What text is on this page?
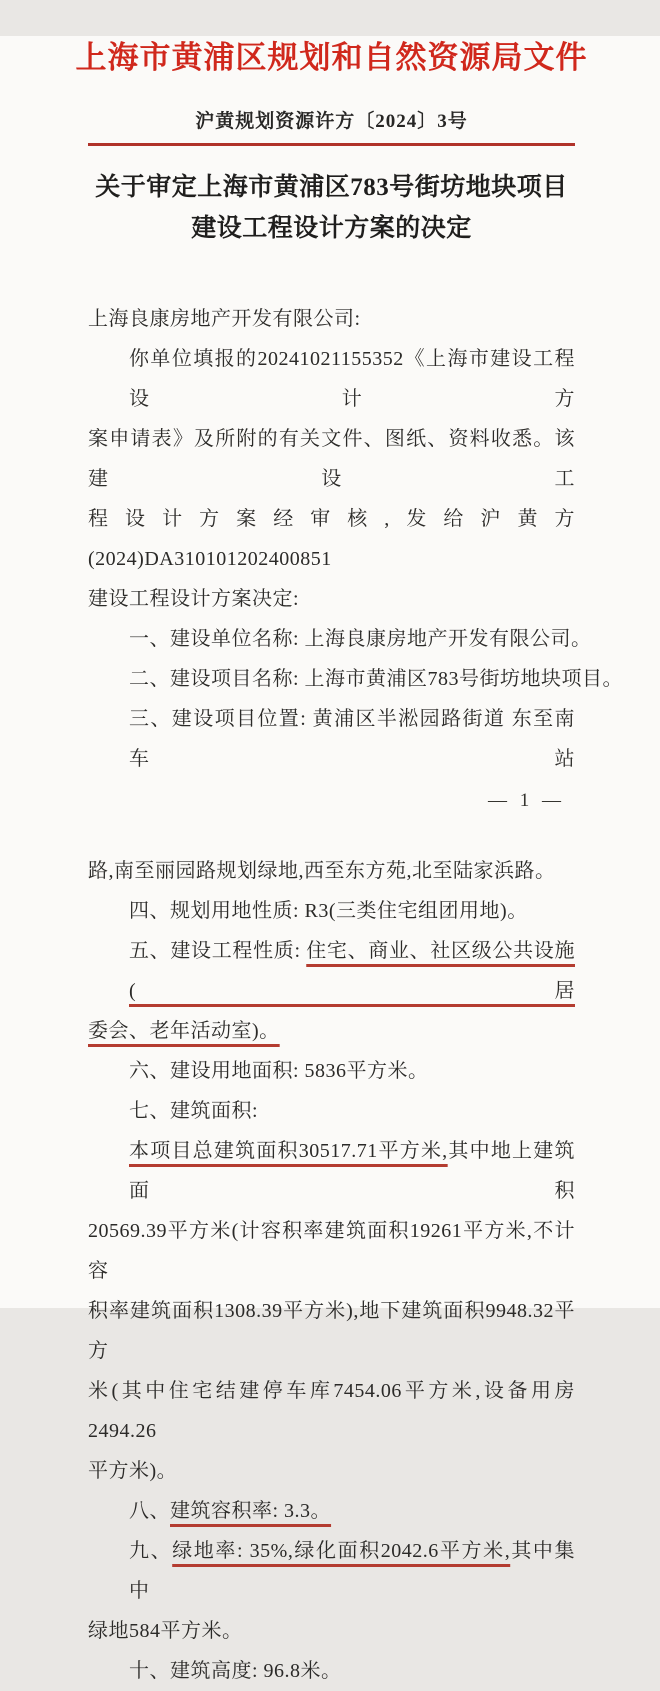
上海市黄浦区规划和自然资源局文件
沪黄规划资源许方〔2024〕3号
关于审定上海市黄浦区783号街坊地块项目
建设工程设计方案的决定
上海良康房地产开发有限公司:
你单位填报的20241021155352《上海市建设工程设计方
案申请表》及所附的有关文件、图纸、资料收悉。该建设工
程设计方案经审核,发给沪黄方(2024)DA310101202400851
建设工程设计方案决定:
一、建设单位名称: 上海良康房地产开发有限公司。
二、建设项目名称: 上海市黄浦区783号街坊地块项目。
三、建设项目位置: 黄浦区半淞园路街道 东至南车站
— 1 —
路,南至丽园路规划绿地,西至东方苑,北至陆家浜路。
四、规划用地性质: R3(三类住宅组团用地)。
五、建设工程性质: 住宅、商业、社区级公共设施(居
委会、老年活动室)。
六、建设用地面积: 5836平方米。
七、建筑面积:
本项目总建筑面积30517.71平方米,其中地上建筑面积
20569.39平方米(计容积率建筑面积19261平方米,不计容
积率建筑面积1308.39平方米),地下建筑面积9948.32平方
米(其中住宅结建停车库7454.06平方米,设备用房2494.26
平方米)。
八、建筑容积率: 3.3。
九、绿地率: 35%,绿化面积2042.6平方米,其中集中
绿地584平方米。
十、建筑高度: 96.8米。
